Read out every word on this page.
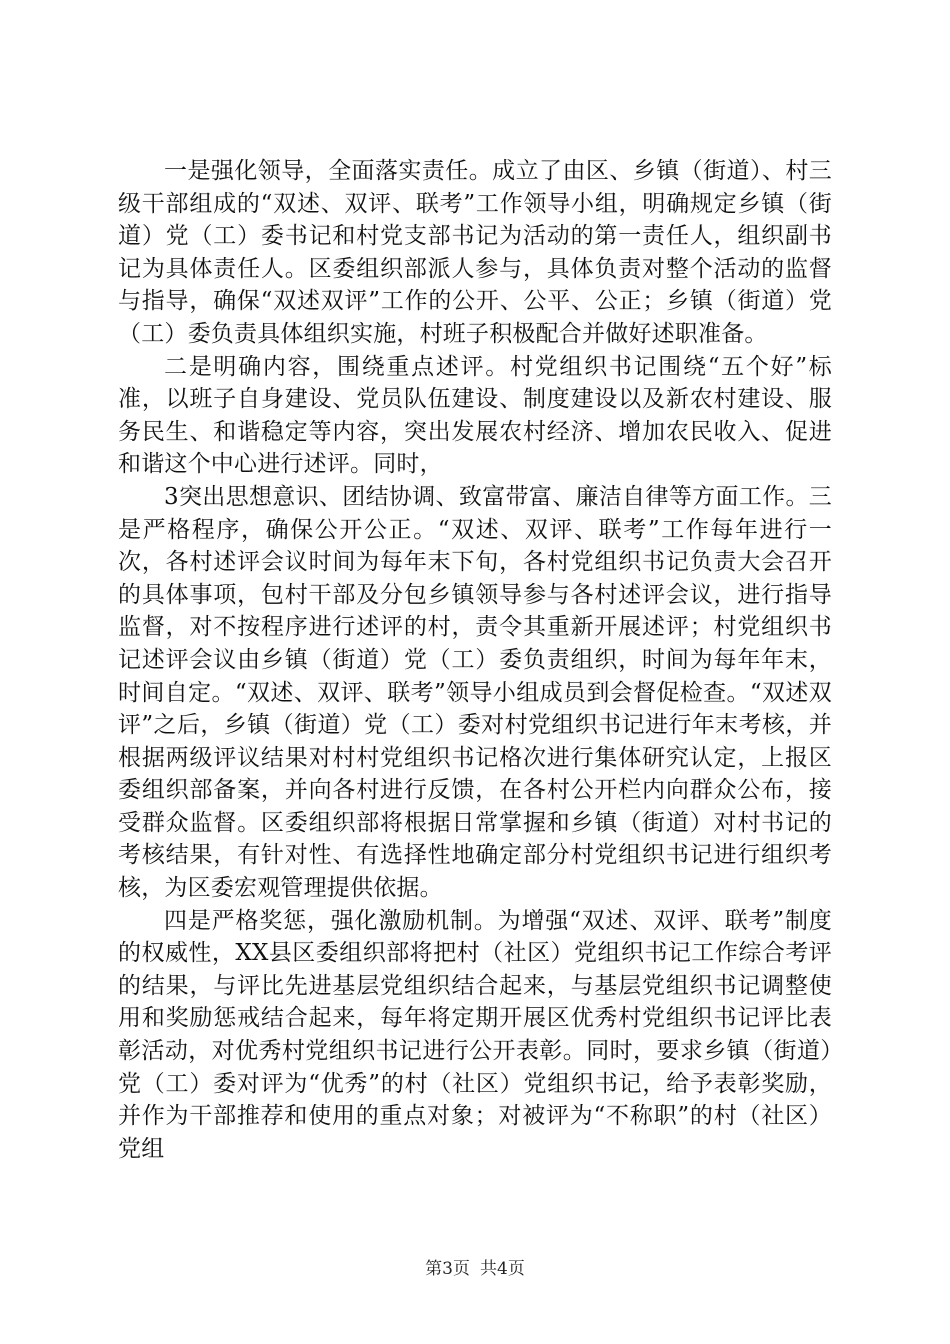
一是强化领导，全面落实责任。成立了由区、乡镇（街道）、村三级干部组成的“双述、双评、联考”工作领导小组，明确规定乡镇（街道）党（工）委书记和村党支部书记为活动的第一责任人，组织副书记为具体责任人。区委组织部派人参与，具体负责对整个活动的监督与指导，确保“双述双评”工作的公开、公平、公正；乡镇（街道）党（工）委负责具体组织实施，村班子积极配合并做好述职准备。

二是明确内容，围绕重点述评。村党组织书记围绕“五个好”标准，以班子自身建设、党员队伍建设、制度建设以及新农村建设、服务民生、和谐稳定等内容，突出发展农村经济、增加农民收入、促进和谐这个中心进行述评。同时，

3突出思想意识、团结协调、致富带富、廉洁自律等方面工作。三是严格程序，确保公开公正。“双述、双评、联考”工作每年进行一次，各村述评会议时间为每年末下旬，各村党组织书记负责大会召开的具体事项，包村干部及分包乡镇领导参与各村述评会议，进行指导监督，对不按程序进行述评的村，责令其重新开展述评；村党组织书记述评会议由乡镇（街道）党（工）委负责组织，时间为每年年末，时间自定。“双述、双评、联考”领导小组成员到会督促检查。“双述双评”之后，乡镇（街道）党（工）委对村党组织书记进行年末考核，并根据两级评议结果对村村党组织书记格次进行集体研究认定，上报区委组织部备案，并向各村进行反馈，在各村公开栏内向群众公布，接受群众监督。区委组织部将根据日常掌握和乡镇（街道）对村书记的考核结果，有针对性、有选择性地确定部分村党组织书记进行组织考核，为区委宏观管理提供依据。

四是严格奖惩，强化激励机制。为增强“双述、双评、联考”制度的权威性，XX县区委组织部将把村（社区）党组织书记工作综合考评的结果，与评比先进基层党组织结合起来，与基层党组织书记调整使用和奖励惩戒结合起来，每年将定期开展区优秀村党组织书记评比表彰活动，对优秀村党组织书记进行公开表彰。同时，要求乡镇（街道）党（工）委对评为“优秀”的村（社区）党组织书记，给予表彰奖励，并作为干部推荐和使用的重点对象；对被评为“不称职”的村（社区）党组

第3页 共4页
